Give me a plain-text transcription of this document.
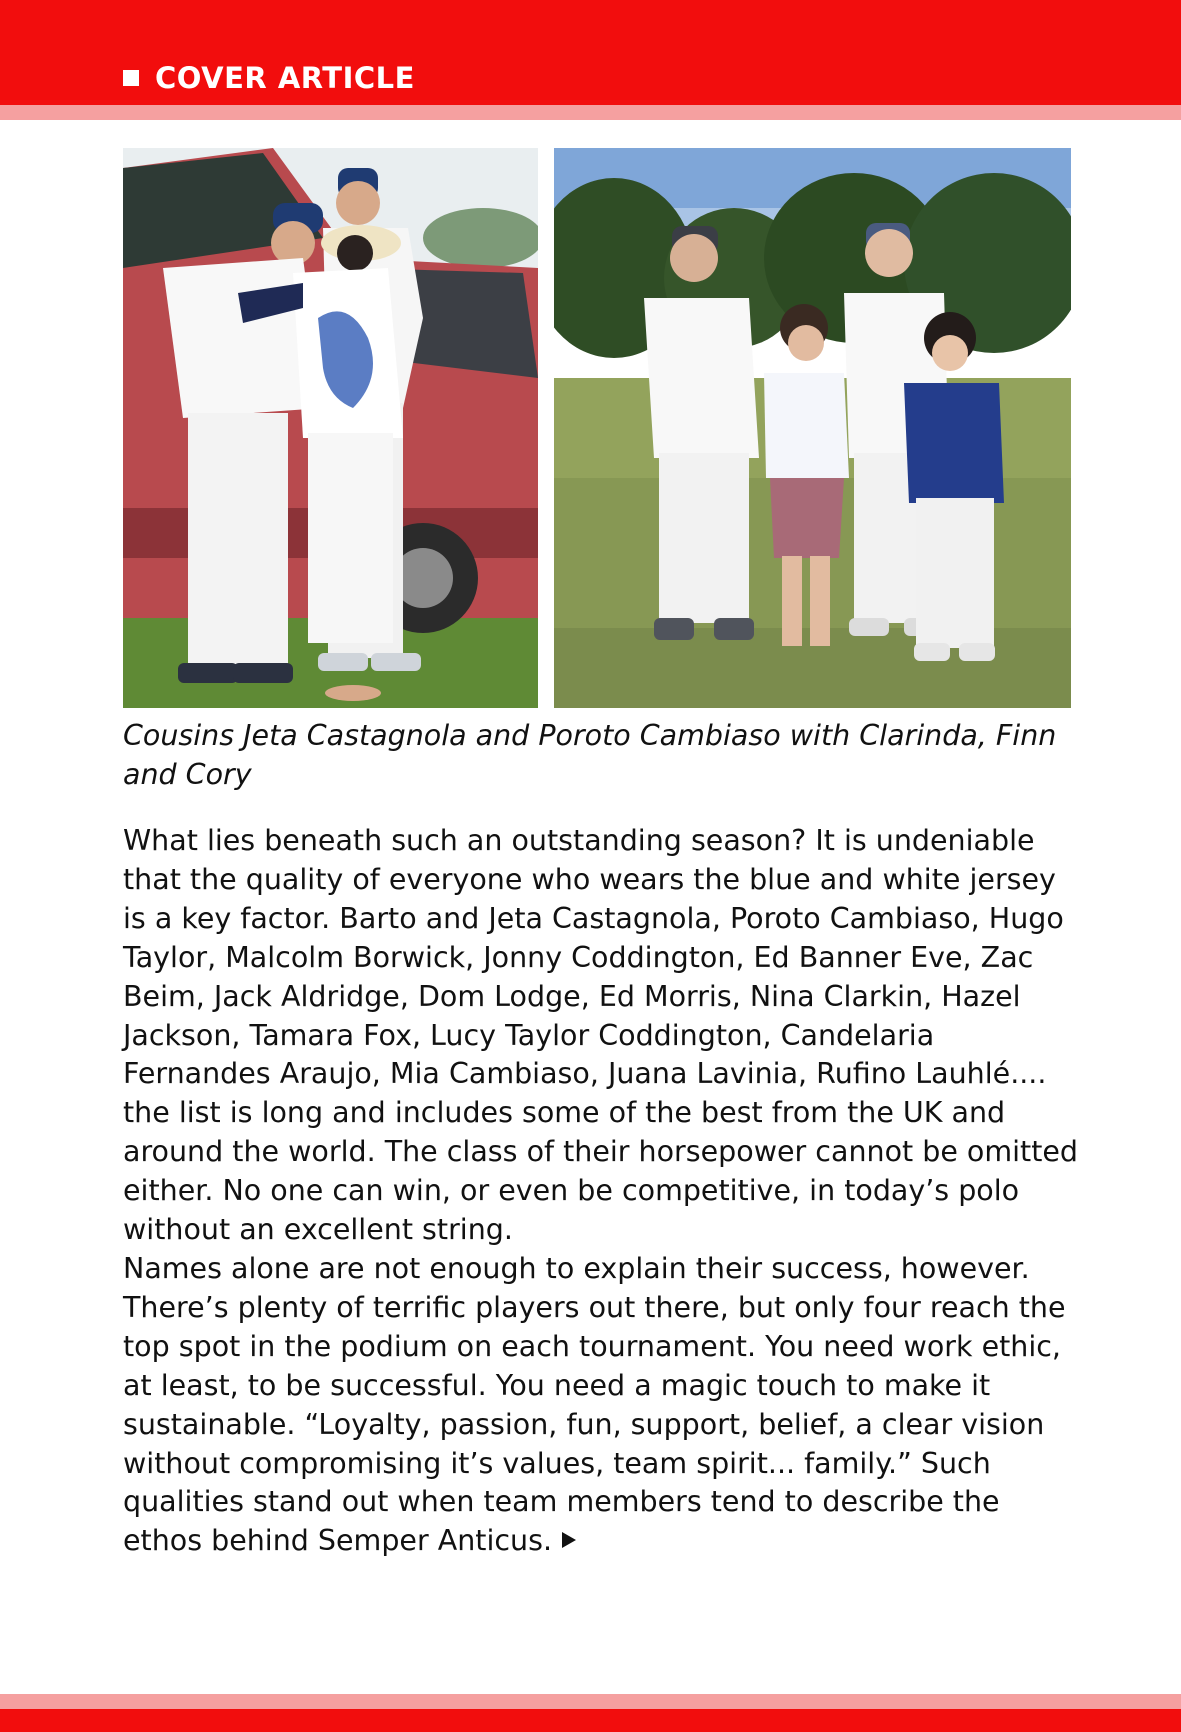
COVER ARTICLE

Cousins Jeta Castagnola and Poroto Cambiaso with Clarinda, Finn and Cory

What lies beneath such an outstanding season? It is undeniable that the quality of everyone who wears the blue and white jersey is a key factor. Barto and Jeta Castagnola, Poroto Cambiaso, Hugo Taylor, Malcolm Borwick, Jonny Coddington, Ed Banner Eve, Zac Beim, Jack Aldridge, Dom Lodge, Ed Morris, Nina Clarkin, Hazel Jackson, Tamara Fox, Lucy Taylor Coddington, Candelaria Fernandes Araujo, Mia Cambiaso, Juana Lavinia, Rufino Lauhlé.... the list is long and includes some of the best from the UK and around the world. The class of their horsepower cannot be omitted either. No one can win, or even be competitive, in today’s polo without an excellent string.

Names alone are not enough to explain their success, however. There’s plenty of terrific players out there, but only four reach the top spot in the podium on each tournament. You need work ethic, at least, to be successful. You need a magic touch to make it sustainable. “Loyalty, passion, fun, support, belief, a clear vision without compromising it’s values, team spirit... family.” Such qualities stand out when team members tend to describe the ethos behind Semper Anticus.
